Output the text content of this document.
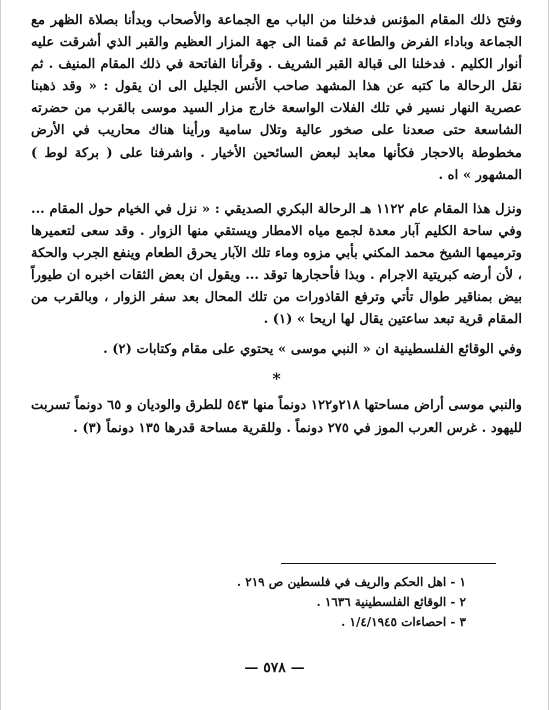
وفتح ذلك المقام المؤنس فدخلنا من الباب مع الجماعة والأصحاب وبدأنا بصلاة الظهر مع الجماعة وباداء الفرض والطاعة ثم قمنا الى جهة المزار العظيم والقبر الذي أشرقت عليه أنوار الكليم . فدخلنا الى قبالة القبر الشريف . وقرأنا الفاتحة في ذلك المقام المنيف . ثم نقل الرحالة ما كتبه عن هذا المشهد صاحب الأنس الجليل الى ان يقول : « وقد ذهبنا عصرية النهار نسير في تلك الفلات الواسعة خارج مزار السيد موسى بالقرب من حضرته الشاسعة حتى صعدنا على صخور عالية وتلال سامية ورأينا هناك محاريب في الأرض مخطوطة بالاحجار فكأنها معابد لبعض السائحين الأخيار . واشرفنا على ( بركة لوط ) المشهور » اه .

ونزل هذا المقام عام ١١٢٢ هـ الرحالة البكري الصديقي : « نزل في الخيام حول المقام ... وفي ساحة الكليم آبار معدة لجمع مياه الامطار ويستقي منها الزوار . وقد سعى لتعميرها وترميمها الشيخ محمد المكني بأبي مزوه وماء تلك الآبار يحرق الطعام وينفع الجرب والحكة ، لأن أرضه كبريتية الاجرام . وبذا فأحجارها توقد ... ويقول ان بعض الثقات اخبره ان طيوراً بيض بمناقير طوال تأتي وترفع القاذورات من تلك المحال بعد سفر الزوار ، وبالقرب من المقام قرية تبعد ساعتين يقال لها اريحا » (١) .

وفي الوقائع الفلسطينية ان « النبي موسى » يحتوي على مقام وكتابات (٢) .

*

والنبي موسى أراض مساحتها ٢١٨و١٢٢ دونماً منها ٥٤٣ للطرق والوديان و ٦٥ دونماً تسربت لليهود . غرس العرب الموز في ٢٧٥ دونماً . وللقرية مساحة قدرها ١٣٥ دونماً (٣) .

١ - اهل الحكم والريف في فلسطين ص ٢١٩ .

٢ - الوقائع الفلسطينية ١٦٣٦ .

٣ - احصاءات ١/٤/١٩٤٥ .

— ٥٧٨ —
